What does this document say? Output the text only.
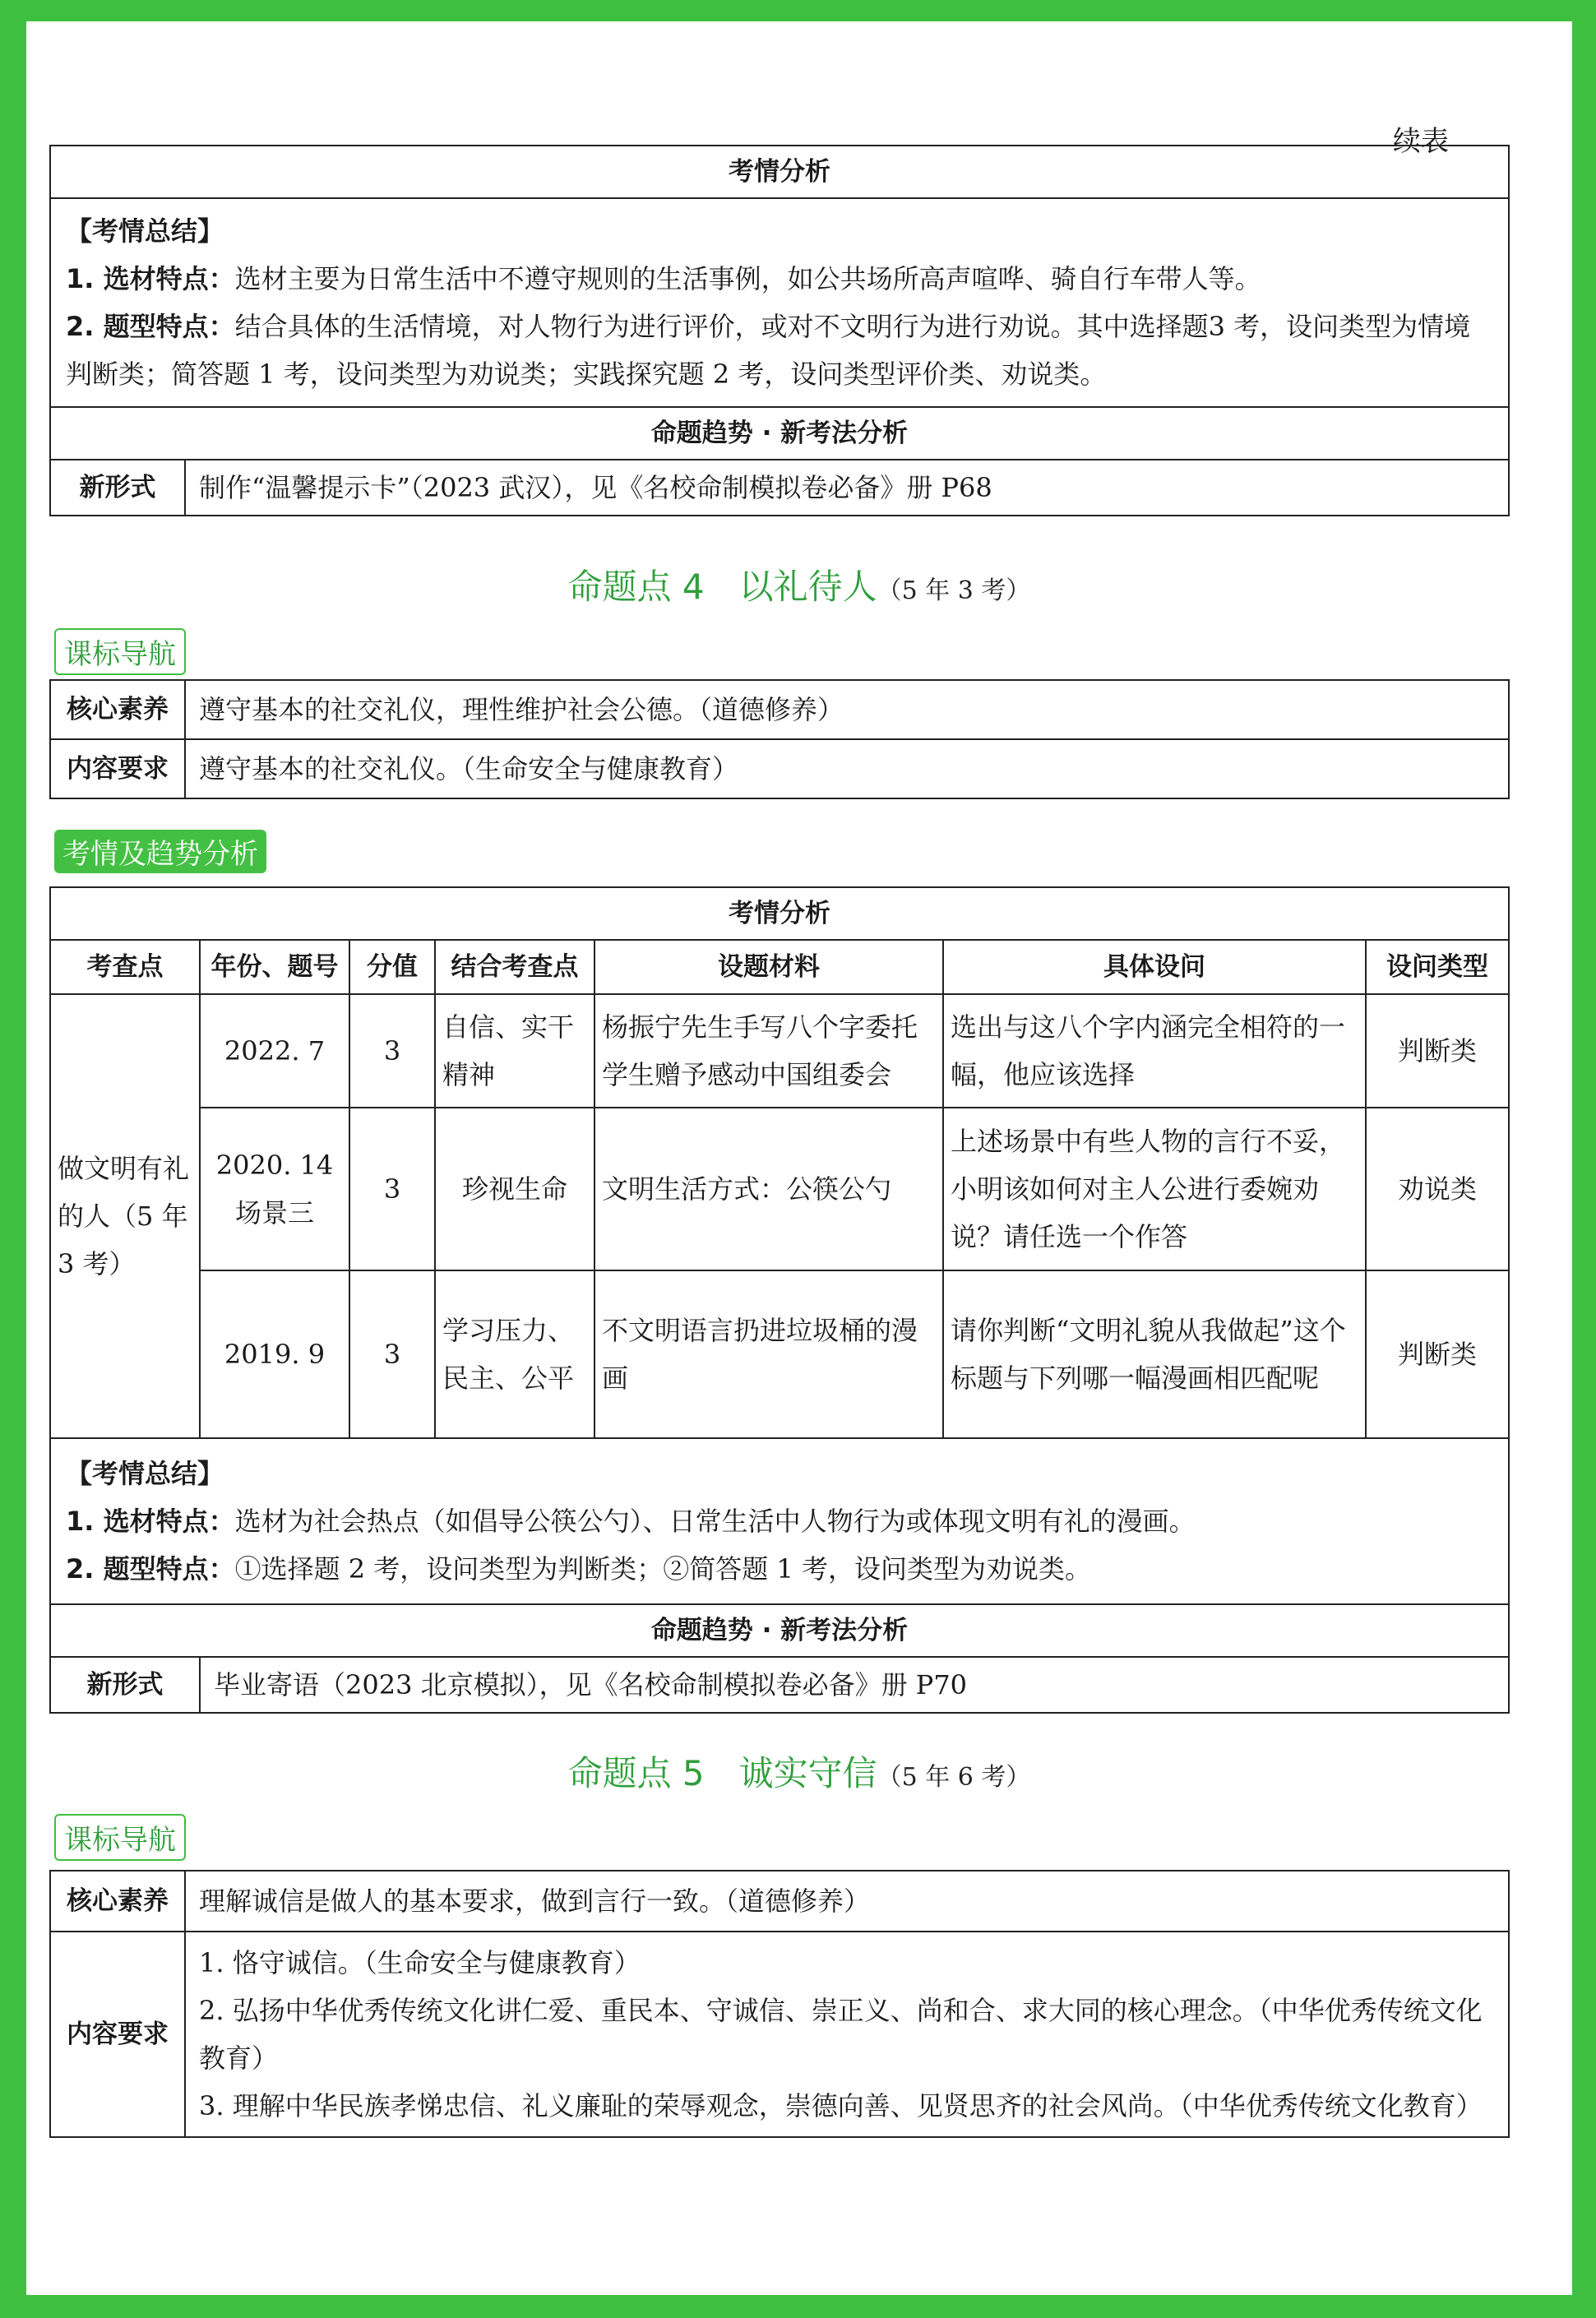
续表
考情分析

【考情总结】
1. 选材特点：选材主要为日常生活中不遵守规则的生活事例，如公共场所高声喧哗、骑自行车带人等。
2. 题型特点：结合具体的生活情境，对人物行为进行评价，或对不文明行为进行劝说。其中选择题3 考，设问类型为情境判断类；简答题 1 考，设问类型为劝说类；实践探究题 2 考，设问类型评价类、劝说类。

命题趋势 · 新考法分析
新形式	制作“温馨提示卡”（2023 武汉），见《名校命制模拟卷必备》册 P68
命题点 4　以礼待人（5 年 3 考）
课标导航
核心素养	遵守基本的社交礼仪，理性维护社会公德。（道德修养）
内容要求	遵守基本的社交礼仪。（生命安全与健康教育）
考情及趋势分析
考情分析						
考查点	年份、题号	分值	结合考查点	设题材料	具体设问	设问类型
做文明有礼的人（5 年 3 考）	2022. 7	3	自信、实干精神	杨振宁先生手写八个字委托学生赠予感动中国组委会	选出与这八个字内涵完全相符的一幅，他应该选择	判断类
	2020. 14 场景三	3	珍视生命	文明生活方式：公筷公勺	上述场景中有些人物的言行不妥，小明该如何对主人公进行委婉劝说？请任选一个作答	劝说类
	2019. 9	3	学习压力、民主、公平	不文明语言扔进垃圾桶的漫画	请你判断“文明礼貌从我做起”这个标题与下列哪一幅漫画相匹配呢	判断类

【考情总结】
1. 选材特点：选材为社会热点（如倡导公筷公勺）、日常生活中人物行为或体现文明有礼的漫画。
2. 题型特点：①选择题 2 考，设问类型为判断类；②简答题 1 考，设问类型为劝说类。						

命题趋势 · 新考法分析						
新形式	毕业寄语（2023 北京模拟），见《名校命制模拟卷必备》册 P70					
命题点 5　诚实守信（5 年 6 考）
课标导航
核心素养	理解诚信是做人的基本要求，做到言行一致。（道德修养）
内容要求	1. 恪守诚信。（生命安全与健康教育）
2. 弘扬中华优秀传统文化讲仁爱、重民本、守诚信、崇正义、尚和合、求大同的核心理念。（中华优秀传统文化教育）
3. 理解中华民族孝悌忠信、礼义廉耻的荣辱观念，崇德向善、见贤思齐的社会风尚。（中华优秀传统文化教育）
